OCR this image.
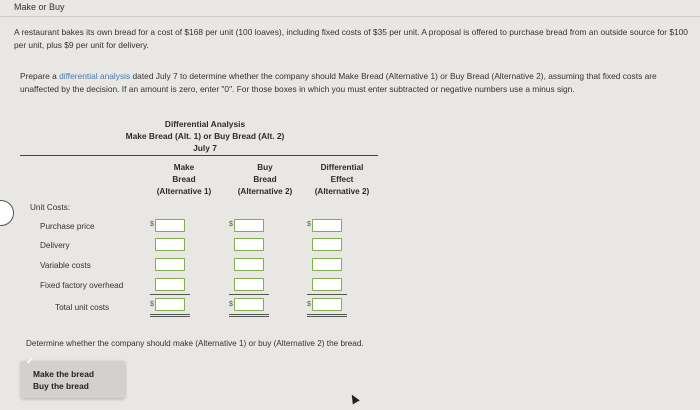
Make or Buy
A restaurant bakes its own bread for a cost of $168 per unit (100 loaves), including fixed costs of $35 per unit. A proposal is offered to purchase bread from an outside source for $100 per unit, plus $9 per unit for delivery.
Prepare a differential analysis dated July 7 to determine whether the company should Make Bread (Alternative 1) or Buy Bread (Alternative 2), assuming that fixed costs are unaffected by the decision. If an amount is zero, enter "0". For those boxes in which you must enter subtracted or negative numbers use a minus sign.
Differential Analysis
Make Bread (Alt. 1) or Buy Bread (Alt. 2)
July 7
Make
Bread
(Alternative 1)
Buy
Bread
(Alternative 2)
Differential
Effect
(Alternative 2)
Unit Costs:
Purchase price
Delivery
Variable costs
Fixed factory overhead
Total unit costs
$
$
$
$
$
$
Determine whether the company should make (Alternative 1) or buy (Alternative 2) the bread.
Make the bread
Buy the bread
✓
